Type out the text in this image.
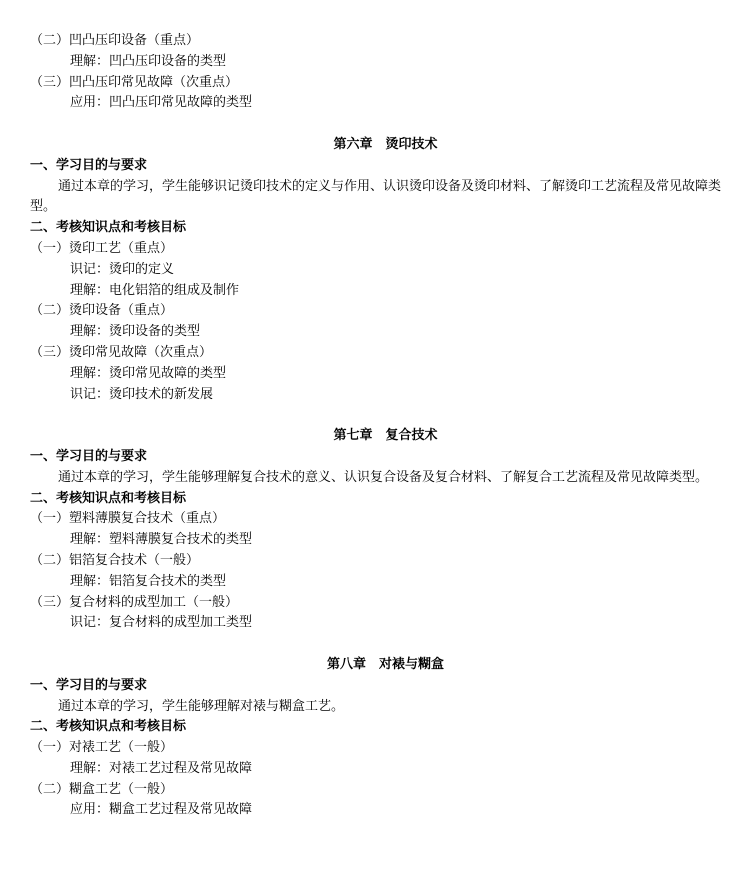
（二）凹凸压印设备（重点）
理解：凹凸压印设备的类型
（三）凹凸压印常见故障（次重点）
应用：凹凸压印常见故障的类型
第六章　烫印技术
一、学习目的与要求
通过本章的学习，学生能够识记烫印技术的定义与作用、认识烫印设备及烫印材料、了解烫印工艺流程及常见故障类型。
二、考核知识点和考核目标
（一）烫印工艺（重点）
识记：烫印的定义
理解：电化铝箔的组成及制作
（二）烫印设备（重点）
理解：烫印设备的类型
（三）烫印常见故障（次重点）
理解：烫印常见故障的类型
识记：烫印技术的新发展
第七章　复合技术
一、学习目的与要求
通过本章的学习，学生能够理解复合技术的意义、认识复合设备及复合材料、了解复合工艺流程及常见故障类型。
二、考核知识点和考核目标
（一）塑料薄膜复合技术（重点）
理解：塑料薄膜复合技术的类型
（二）铝箔复合技术（一般）
理解：铝箔复合技术的类型
（三）复合材料的成型加工（一般）
识记：复合材料的成型加工类型
第八章　对裱与糊盒
一、学习目的与要求
通过本章的学习，学生能够理解对裱与糊盒工艺。
二、考核知识点和考核目标
（一）对裱工艺（一般）
理解：对裱工艺过程及常见故障
（二）糊盒工艺（一般）
应用：糊盒工艺过程及常见故障
